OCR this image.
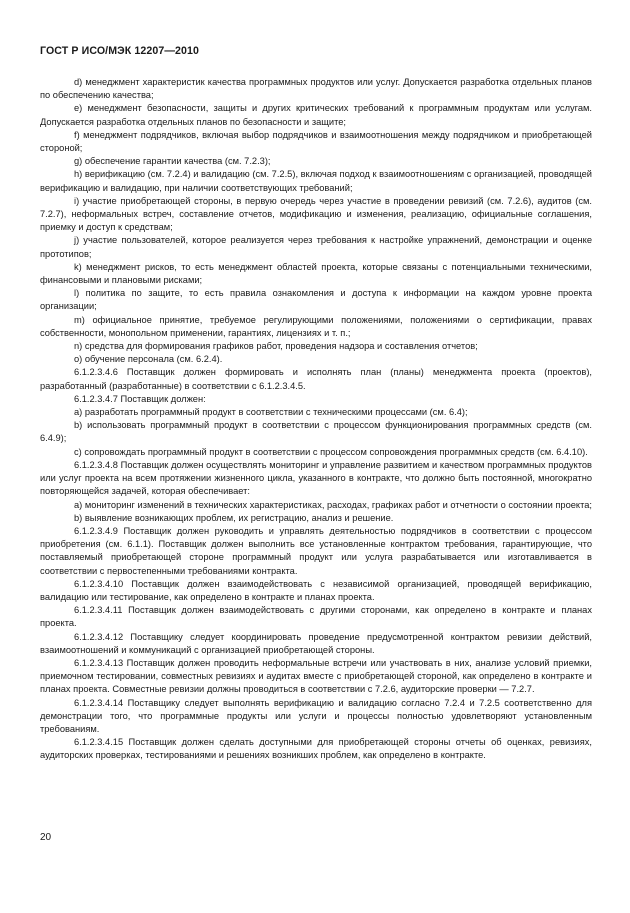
ГОСТ Р ИСО/МЭК 12207—2010

d) менеджмент характеристик качества программных продуктов или услуг. Допускается разработка отдельных планов по обеспечению качества;

e) менеджмент безопасности, защиты и других критических требований к программным продуктам или услугам. Допускается разработка отдельных планов по безопасности и защите;

f) менеджмент подрядчиков, включая выбор подрядчиков и взаимоотношения между подрядчиком и приобретающей стороной;

g) обеспечение гарантии качества (см. 7.2.3);

h) верификацию (см. 7.2.4) и валидацию (см. 7.2.5), включая подход к взаимоотношениям с организацией, проводящей верификацию и валидацию, при наличии соответствующих требований;

i) участие приобретающей стороны, в первую очередь через участие в проведении ревизий (см. 7.2.6), аудитов (см. 7.2.7), неформальных встреч, составление отчетов, модификацию и изменения, реализацию, официальные соглашения, приемку и доступ к средствам;

j) участие пользователей, которое реализуется через требования к настройке упражнений, демонстрации и оценке прототипов;

k) менеджмент рисков, то есть менеджмент областей проекта, которые связаны с потенциальными техническими, финансовыми и плановыми рисками;

l) политика по защите, то есть правила ознакомления и доступа к информации на каждом уровне проекта организации;

m) официальное принятие, требуемое регулирующими положениями, положениями о сертификации, правах собственности, монопольном применении, гарантиях, лицензиях и т. п.;

n) средства для формирования графиков работ, проведения надзора и составления отчетов;

o) обучение персонала (см. 6.2.4).

6.1.2.3.4.6 Поставщик должен формировать и исполнять план (планы) менеджмента проекта (проектов), разработанный (разработанные) в соответствии с 6.1.2.3.4.5.

6.1.2.3.4.7 Поставщик должен:

a) разработать программный продукт в соответствии с техническими процессами (см. 6.4);

b) использовать программный продукт в соответствии с процессом функционирования программных средств (см. 6.4.9);

c) сопровождать программный продукт в соответствии с процессом сопровождения программных средств (см. 6.4.10).

6.1.2.3.4.8 Поставщик должен осуществлять мониторинг и управление развитием и качеством программных продуктов или услуг проекта на всем протяжении жизненного цикла, указанного в контракте, что должно быть постоянной, многократно повторяющейся задачей, которая обеспечивает:

a) мониторинг изменений в технических характеристиках, расходах, графиках работ и отчетности о состоянии проекта;

b) выявление возникающих проблем, их регистрацию, анализ и решение.

6.1.2.3.4.9 Поставщик должен руководить и управлять деятельностью подрядчиков в соответствии с процессом приобретения (см. 6.1.1). Поставщик должен выполнить все установленные контрактом требования, гарантирующие, что поставляемый приобретающей стороне программный продукт или услуга разрабатывается или изготавливается в соответствии с первостепенными требованиями контракта.

6.1.2.3.4.10 Поставщик должен взаимодействовать с независимой организацией, проводящей верификацию, валидацию или тестирование, как определено в контракте и планах проекта.

6.1.2.3.4.11 Поставщик должен взаимодействовать с другими сторонами, как определено в контракте и планах проекта.

6.1.2.3.4.12 Поставщику следует координировать проведение предусмотренной контрактом ревизии действий, взаимоотношений и коммуникаций с организацией приобретающей стороны.

6.1.2.3.4.13 Поставщик должен проводить неформальные встречи или участвовать в них, анализе условий приемки, приемочном тестировании, совместных ревизиях и аудитах вместе с приобретающей стороной, как определено в контракте и планах проекта. Совместные ревизии должны проводиться в соответствии с 7.2.6, аудиторские проверки — 7.2.7.

6.1.2.3.4.14 Поставщику следует выполнять верификацию и валидацию согласно 7.2.4 и 7.2.5 соответственно для демонстрации того, что программные продукты или услуги и процессы полностью удовлетворяют установленным требованиям.

6.1.2.3.4.15 Поставщик должен сделать доступными для приобретающей стороны отчеты об оценках, ревизиях, аудиторских проверках, тестированиями и решениях возникших проблем, как определено в контракте.

20
